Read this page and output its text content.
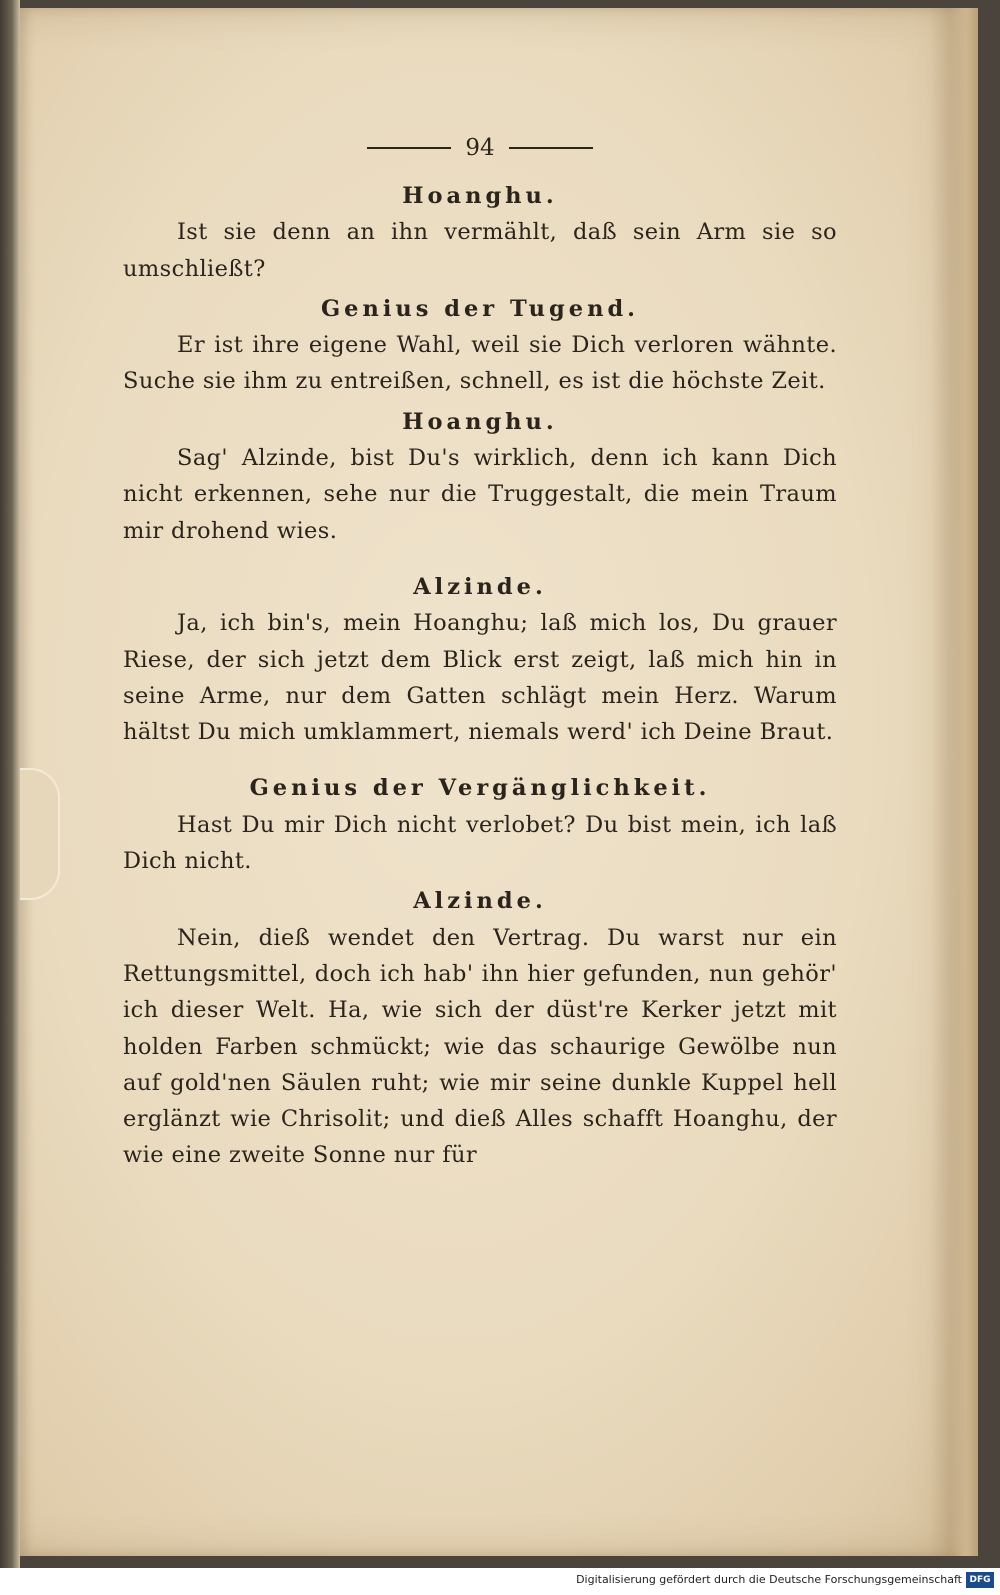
94

Hoanghu.

Ist sie denn an ihn vermählt, daß sein Arm sie so umschließt?

Genius der Tugend.

Er ist ihre eigene Wahl, weil sie Dich verloren wähnte. Suche sie ihm zu entreißen, schnell, es ist die höchste Zeit.

Hoanghu.

Sag' Alzinde, bist Du's wirklich, denn ich kann Dich nicht erkennen, sehe nur die Truggestalt, die mein Traum mir drohend wies.

Alzinde.

Ja, ich bin's, mein Hoanghu; laß mich los, Du grauer Riese, der sich jetzt dem Blick erst zeigt, laß mich hin in seine Arme, nur dem Gatten schlägt mein Herz. Warum hältst Du mich umklammert, niemals werd' ich Deine Braut.

Genius der Vergänglichkeit.

Hast Du mir Dich nicht verlobet? Du bist mein, ich laß Dich nicht.

Alzinde.

Nein, dieß wendet den Vertrag. Du warst nur ein Rettungsmittel, doch ich hab' ihn hier gefunden, nun gehör' ich dieser Welt. Ha, wie sich der düst're Kerker jetzt mit holden Farben schmückt; wie das schaurige Gewölbe nun auf gold'nen Säulen ruht; wie mir seine dunkle Kuppel hell erglänzt wie Chrisolit; und dieß Alles schafft Hoanghu, der wie eine zweite Sonne nur für

Digitalisierung gefördert durch die Deutsche Forschungsgemeinschaft DFG
